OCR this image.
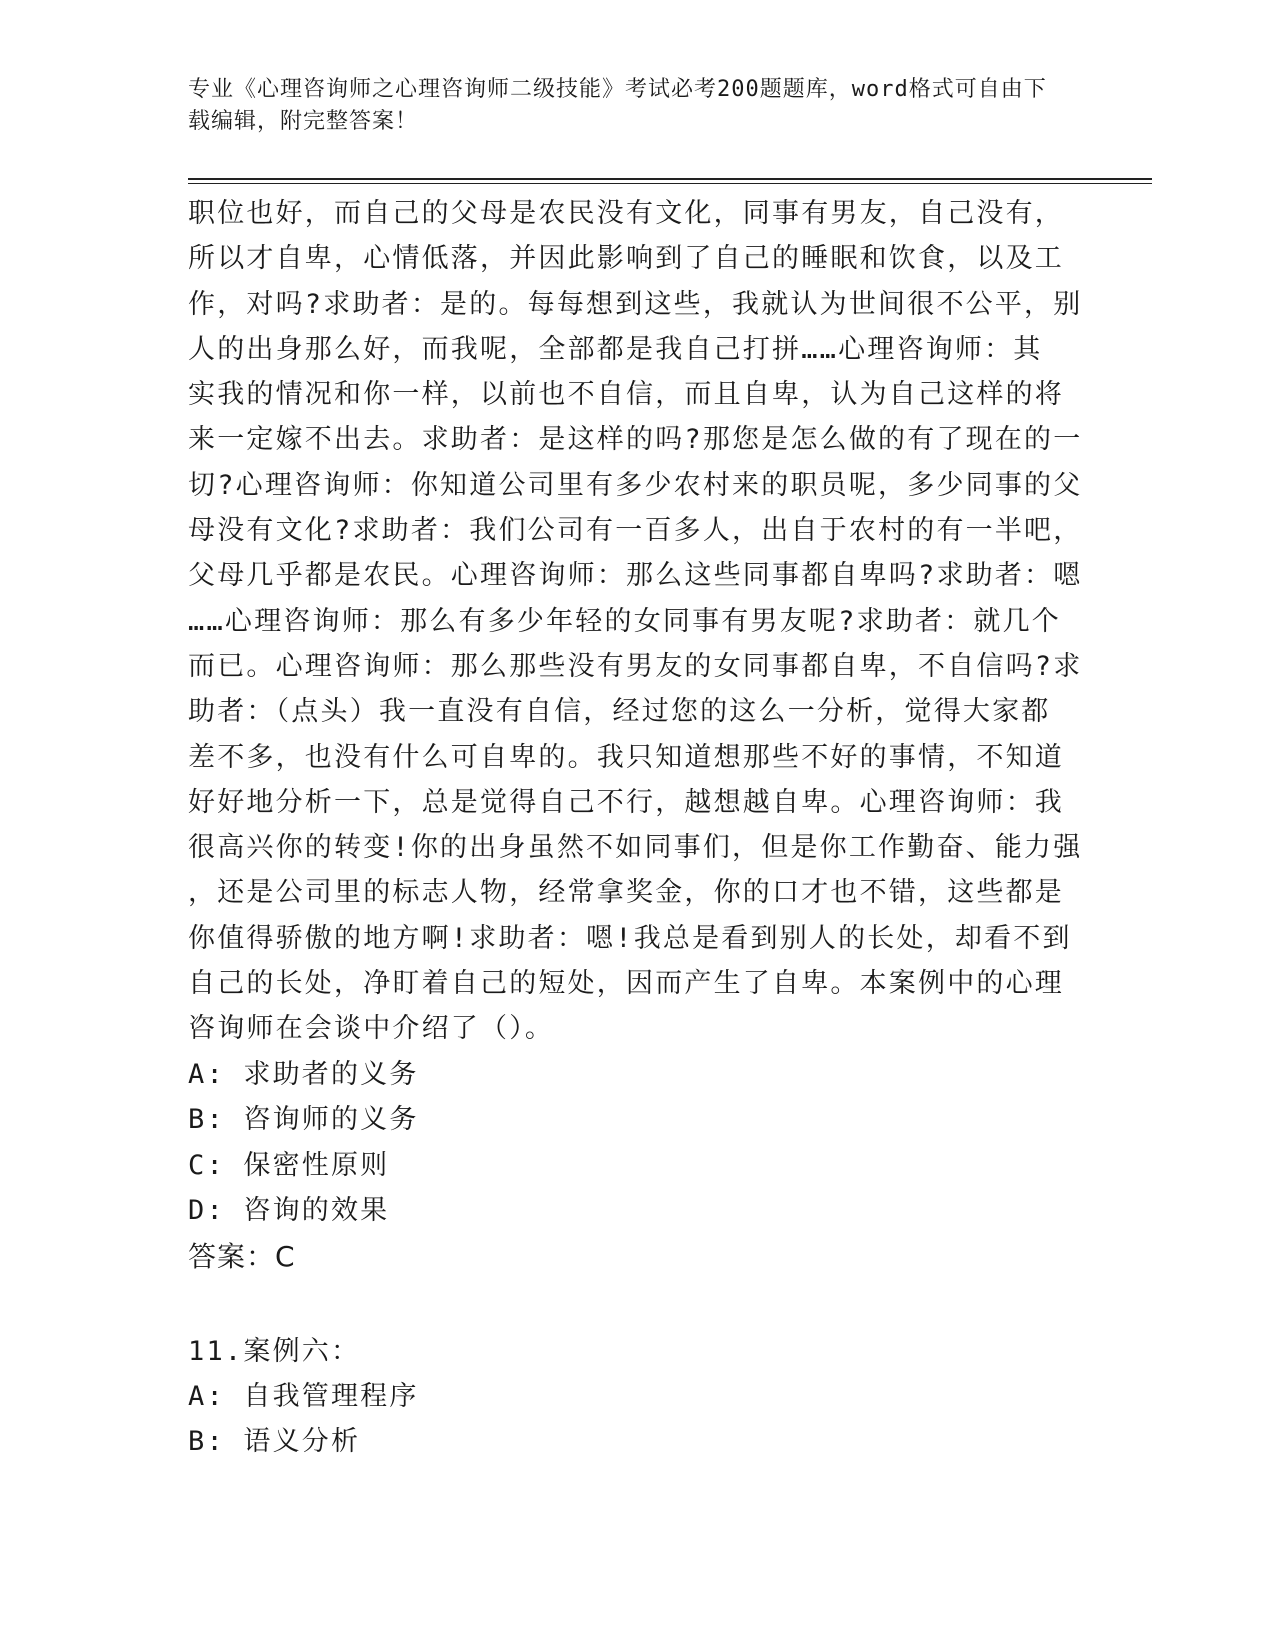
专业《心理咨询师之心理咨询师二级技能》考试必考200题题库，word格式可自由下载编辑，附完整答案！
职位也好，而自己的父母是农民没有文化，同事有男友，自己没有，
所以才自卑，心情低落，并因此影响到了自己的睡眠和饮食，以及工
作，对吗?求助者：是的。每每想到这些，我就认为世间很不公平，别
人的出身那么好，而我呢，全部都是我自己打拼……心理咨询师：其
实我的情况和你一样，以前也不自信，而且自卑，认为自己这样的将
来一定嫁不出去。求助者：是这样的吗?那您是怎么做的有了现在的一
切?心理咨询师：你知道公司里有多少农村来的职员呢，多少同事的父
母没有文化?求助者：我们公司有一百多人，出自于农村的有一半吧，
父母几乎都是农民。心理咨询师：那么这些同事都自卑吗?求助者：嗯
……心理咨询师：那么有多少年轻的女同事有男友呢?求助者：就几个
而已。心理咨询师：那么那些没有男友的女同事都自卑，不自信吗?求
助者：（点头）我一直没有自信，经过您的这么一分析，觉得大家都
差不多，也没有什么可自卑的。我只知道想那些不好的事情，不知道
好好地分析一下，总是觉得自己不行，越想越自卑。心理咨询师：我
很高兴你的转变!你的出身虽然不如同事们，但是你工作勤奋、能力强
，还是公司里的标志人物，经常拿奖金，你的口才也不错，这些都是
你值得骄傲的地方啊!求助者：嗯!我总是看到别人的长处，却看不到
自己的长处，净盯着自己的短处，因而产生了自卑。本案例中的心理
咨询师在会谈中介绍了（）。
A: 求助者的义务
B: 咨询师的义务
C: 保密性原则
D: 咨询的效果
答案：C
11.案例六：
A: 自我管理程序
B: 语义分析
